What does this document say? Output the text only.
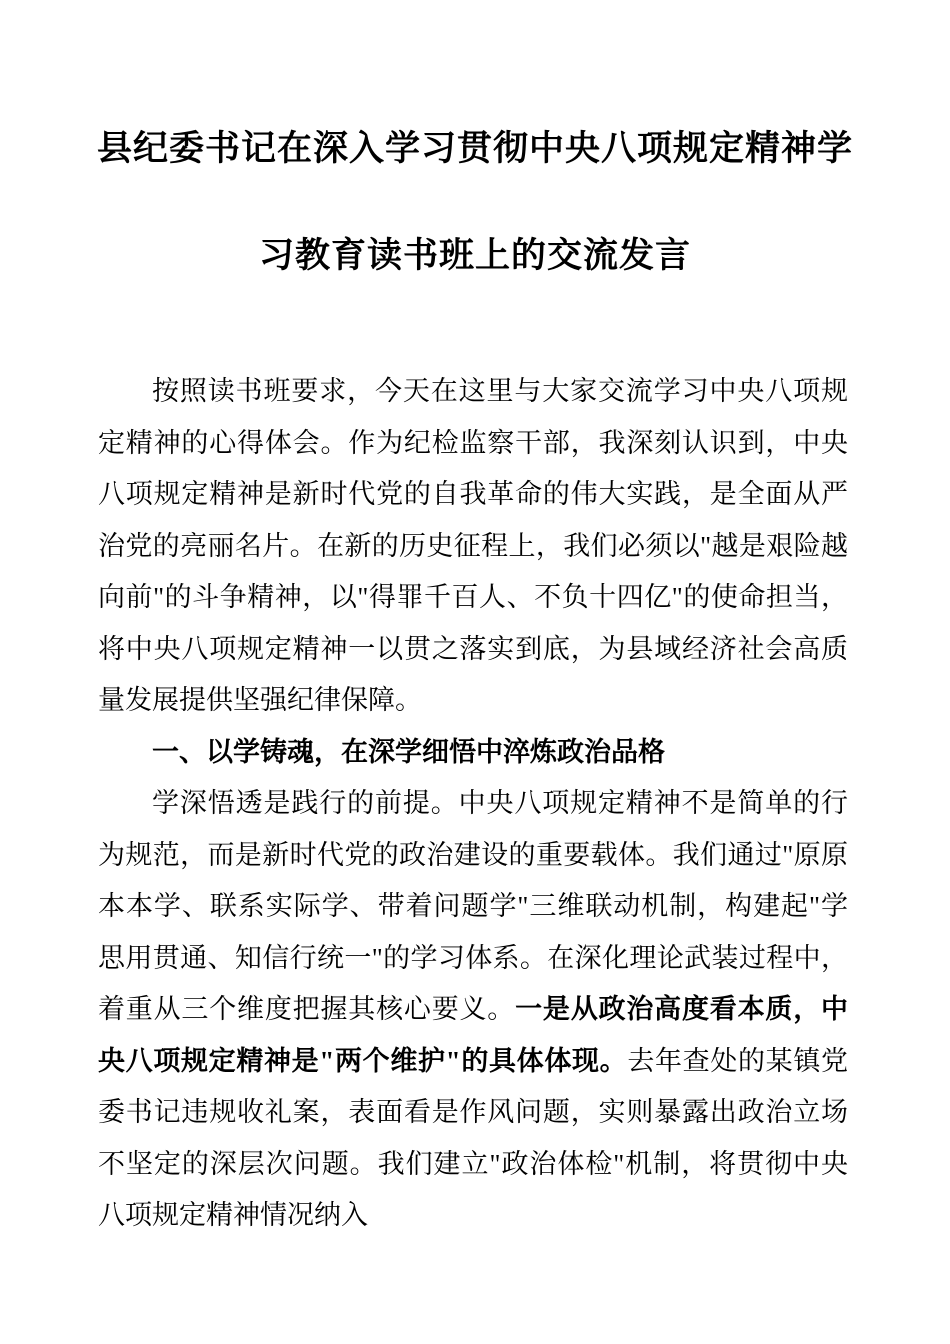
县纪委书记在深入学习贯彻中央八项规定精神学
习教育读书班上的交流发言

按照读书班要求，今天在这里与大家交流学习中央八项规定精神的心得体会。作为纪检监察干部，我深刻认识到，中央八项规定精神是新时代党的自我革命的伟大实践，是全面从严治党的亮丽名片。在新的历史征程上，我们必须以"越是艰险越向前"的斗争精神，以"得罪千百人、不负十四亿"的使命担当，将中央八项规定精神一以贯之落实到底，为县域经济社会高质量发展提供坚强纪律保障。

一、以学铸魂，在深学细悟中淬炼政治品格

学深悟透是践行的前提。中央八项规定精神不是简单的行为规范，而是新时代党的政治建设的重要载体。我们通过"原原本本学、联系实际学、带着问题学"三维联动机制，构建起"学思用贯通、知信行统一"的学习体系。在深化理论武装过程中，着重从三个维度把握其核心要义。一是从政治高度看本质，中央八项规定精神是"两个维护"的具体体现。去年查处的某镇党委书记违规收礼案，表面看是作风问题，实则暴露出政治立场不坚定的深层次问题。我们建立"政治体检"机制，将贯彻中央八项规定精神情况纳入
